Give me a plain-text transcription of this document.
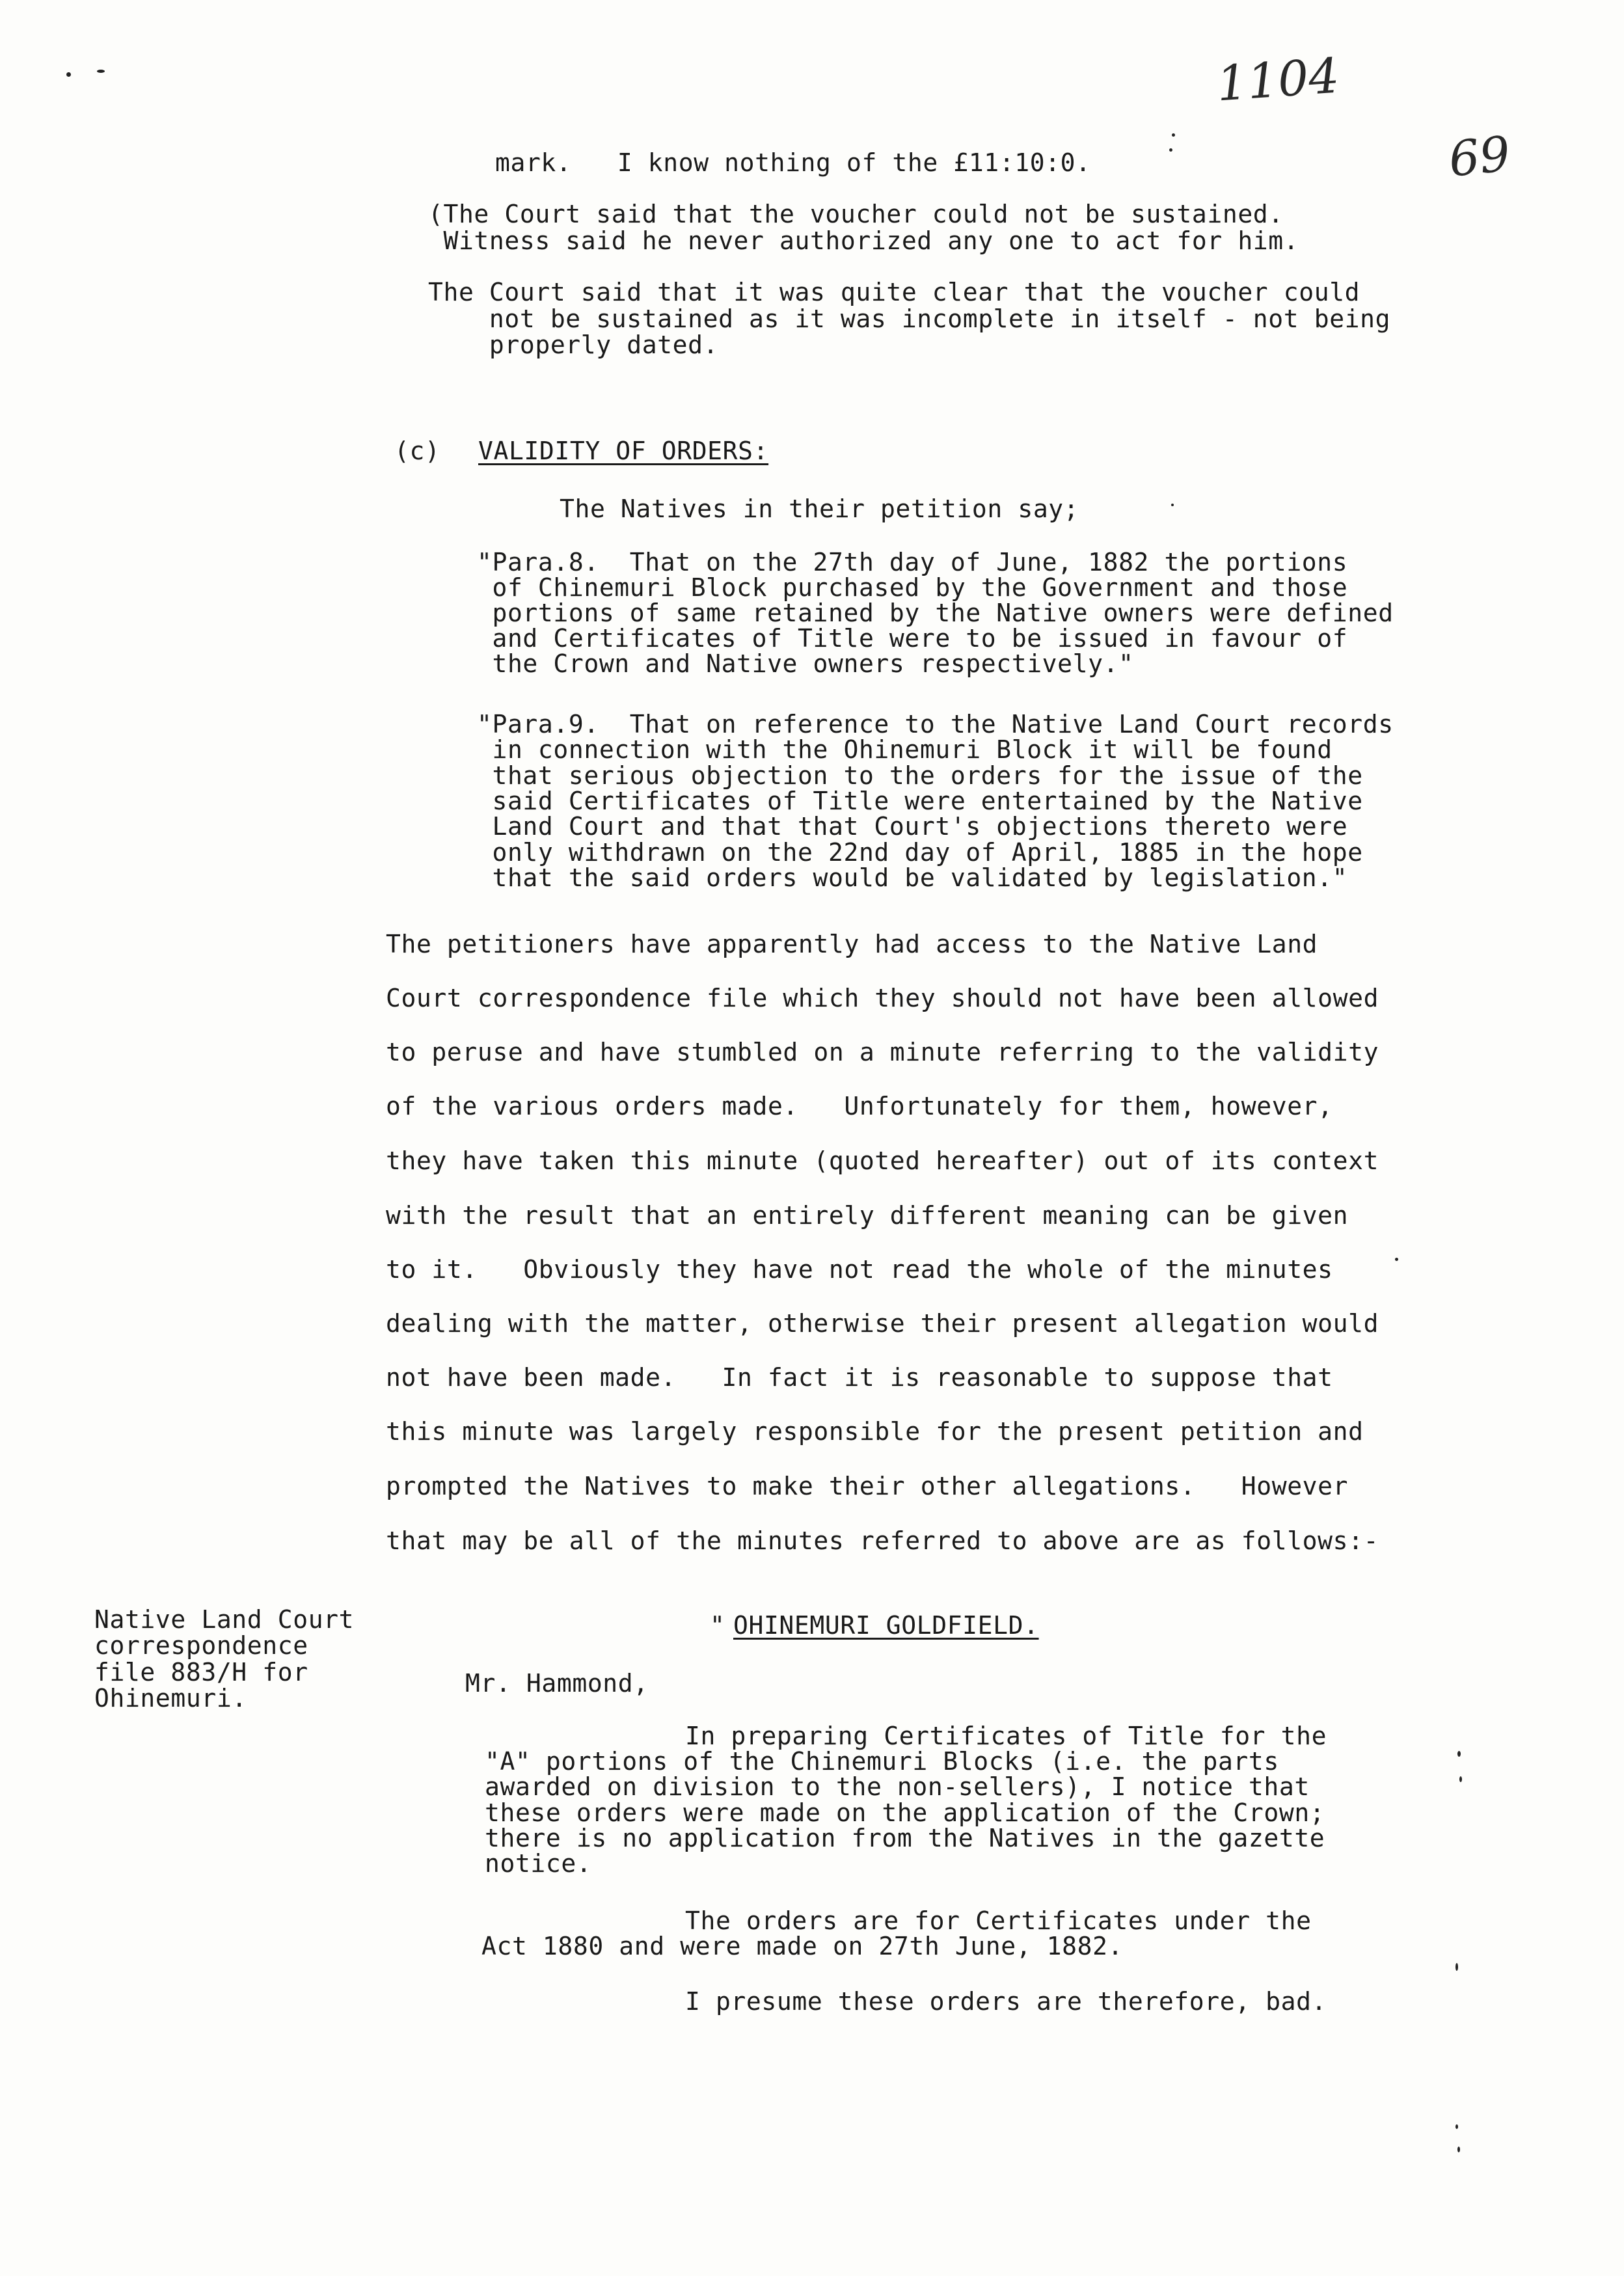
1104

69

mark.   I know nothing of the £11:10:0.
(The Court said that the voucher could not be sustained.
Witness said he never authorized any one to act for him.
The Court said that it was quite clear that the voucher could
not be sustained as it was incomplete in itself - not being
properly dated.
(c) VALIDITY OF ORDERS:
The Natives in their petition say;
"Para.8.  That on the 27th day of June, 1882 the portions
of Chinemuri Block purchased by the Government and those
portions of same retained by the Native owners were defined
and Certificates of Title were to be issued in favour of
the Crown and Native owners respectively."
"Para.9.  That on reference to the Native Land Court records
in connection with the Ohinemuri Block it will be found
that serious objection to the orders for the issue of the
said Certificates of Title were entertained by the Native
Land Court and that that Court's objections thereto were
only withdrawn on the 22nd day of April, 1885 in the hope
that the said orders would be validated by legislation."
The petitioners have apparently had access to the Native Land
Court correspondence file which they should not have been allowed
to peruse and have stumbled on a minute referring to the validity
of the various orders made.   Unfortunately for them, however,
they have taken this minute (quoted hereafter) out of its context
with the result that an entirely different meaning can be given
to it.   Obviously they have not read the whole of the minutes
dealing with the matter, otherwise their present allegation would
not have been made.   In fact it is reasonable to suppose that
this minute was largely responsible for the present petition and
prompted the Natives to make their other allegations.   However
that may be all of the minutes referred to above are as follows:-
Native Land Court
correspondence
file 883/H for
Ohinemuri.
" OHINEMURI GOLDFIELD.
Mr. Hammond,
In preparing Certificates of Title for the
"A" portions of the Chinemuri Blocks (i.e. the parts
awarded on division to the non-sellers), I notice that
these orders were made on the application of the Crown;
there is no application from the Natives in the gazette
notice.
The orders are for Certificates under the
Act 1880 and were made on 27th June, 1882.
I presume these orders are therefore, bad.
